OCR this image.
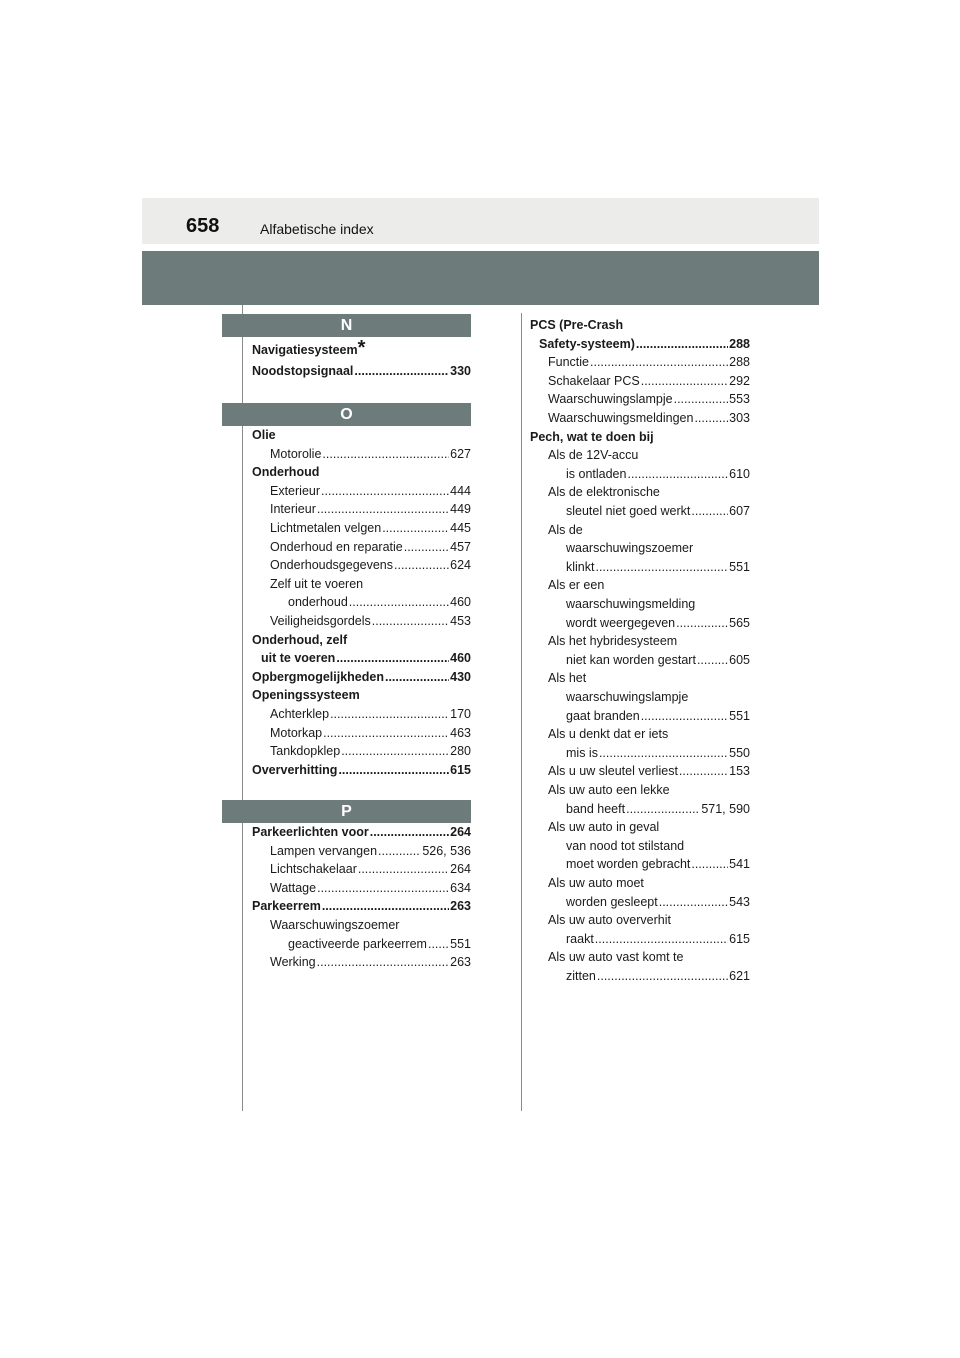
658	Alfabetische index
N
Navigatiesysteem *
Noodstopsignaal .....	330
O
Olie
Motorolie .....	627
Onderhoud
Exterieur .....	444
Interieur .....	449
Lichtmetalen velgen .....	445
Onderhoud en reparatie .....	457
Onderhoudsgegevens .....	624
Zelf uit te voeren
onderhoud .....	460
Veiligheidsgordels .....	453
Onderhoud, zelf
uit te voeren .....	460
Opbergmogelijkheden .....	430
Openingssysteem
Achterklep .....	170
Motorkap .....	463
Tankdopklep .....	280
Oververhitting .....	615
P
Parkeerlichten voor .....	264
Lampen vervangen .....	526, 536
Lichtschakelaar .....	264
Wattage .....	634
Parkeerrem .....	263
Waarschuwingszoemer
geactiveerde parkeerrem ..... 551
Werking .....	263
PCS (Pre-Crash
Safety-systeem) .....	288
Functie .....	288
Schakelaar PCS .....	292
Waarschuwingslampje .....	553
Waarschuwingsmeldingen .....	303
Pech, wat te doen bij
Als de 12V-accu
is ontladen .....	610
Als de elektronische
sleutel niet goed werkt .....	607
Als de
waarschuwingszoemer
klinkt .....	551
Als er een
waarschuwingsmelding
wordt weergegeven .....	565
Als het hybridesysteem
niet kan worden gestart .....	605
Als het
waarschuwingslampje
gaat branden .....	551
Als u denkt dat er iets
mis is .....	550
Als u uw sleutel verliest .....	153
Als uw auto een lekke
band heeft .....	571, 590
Als uw auto in geval
van nood tot stilstand
moet worden gebracht .....	541
Als uw auto moet
worden gesleept .....	543
Als uw auto oververhit
raakt .....	615
Als uw auto vast komt te
zitten .....	621
